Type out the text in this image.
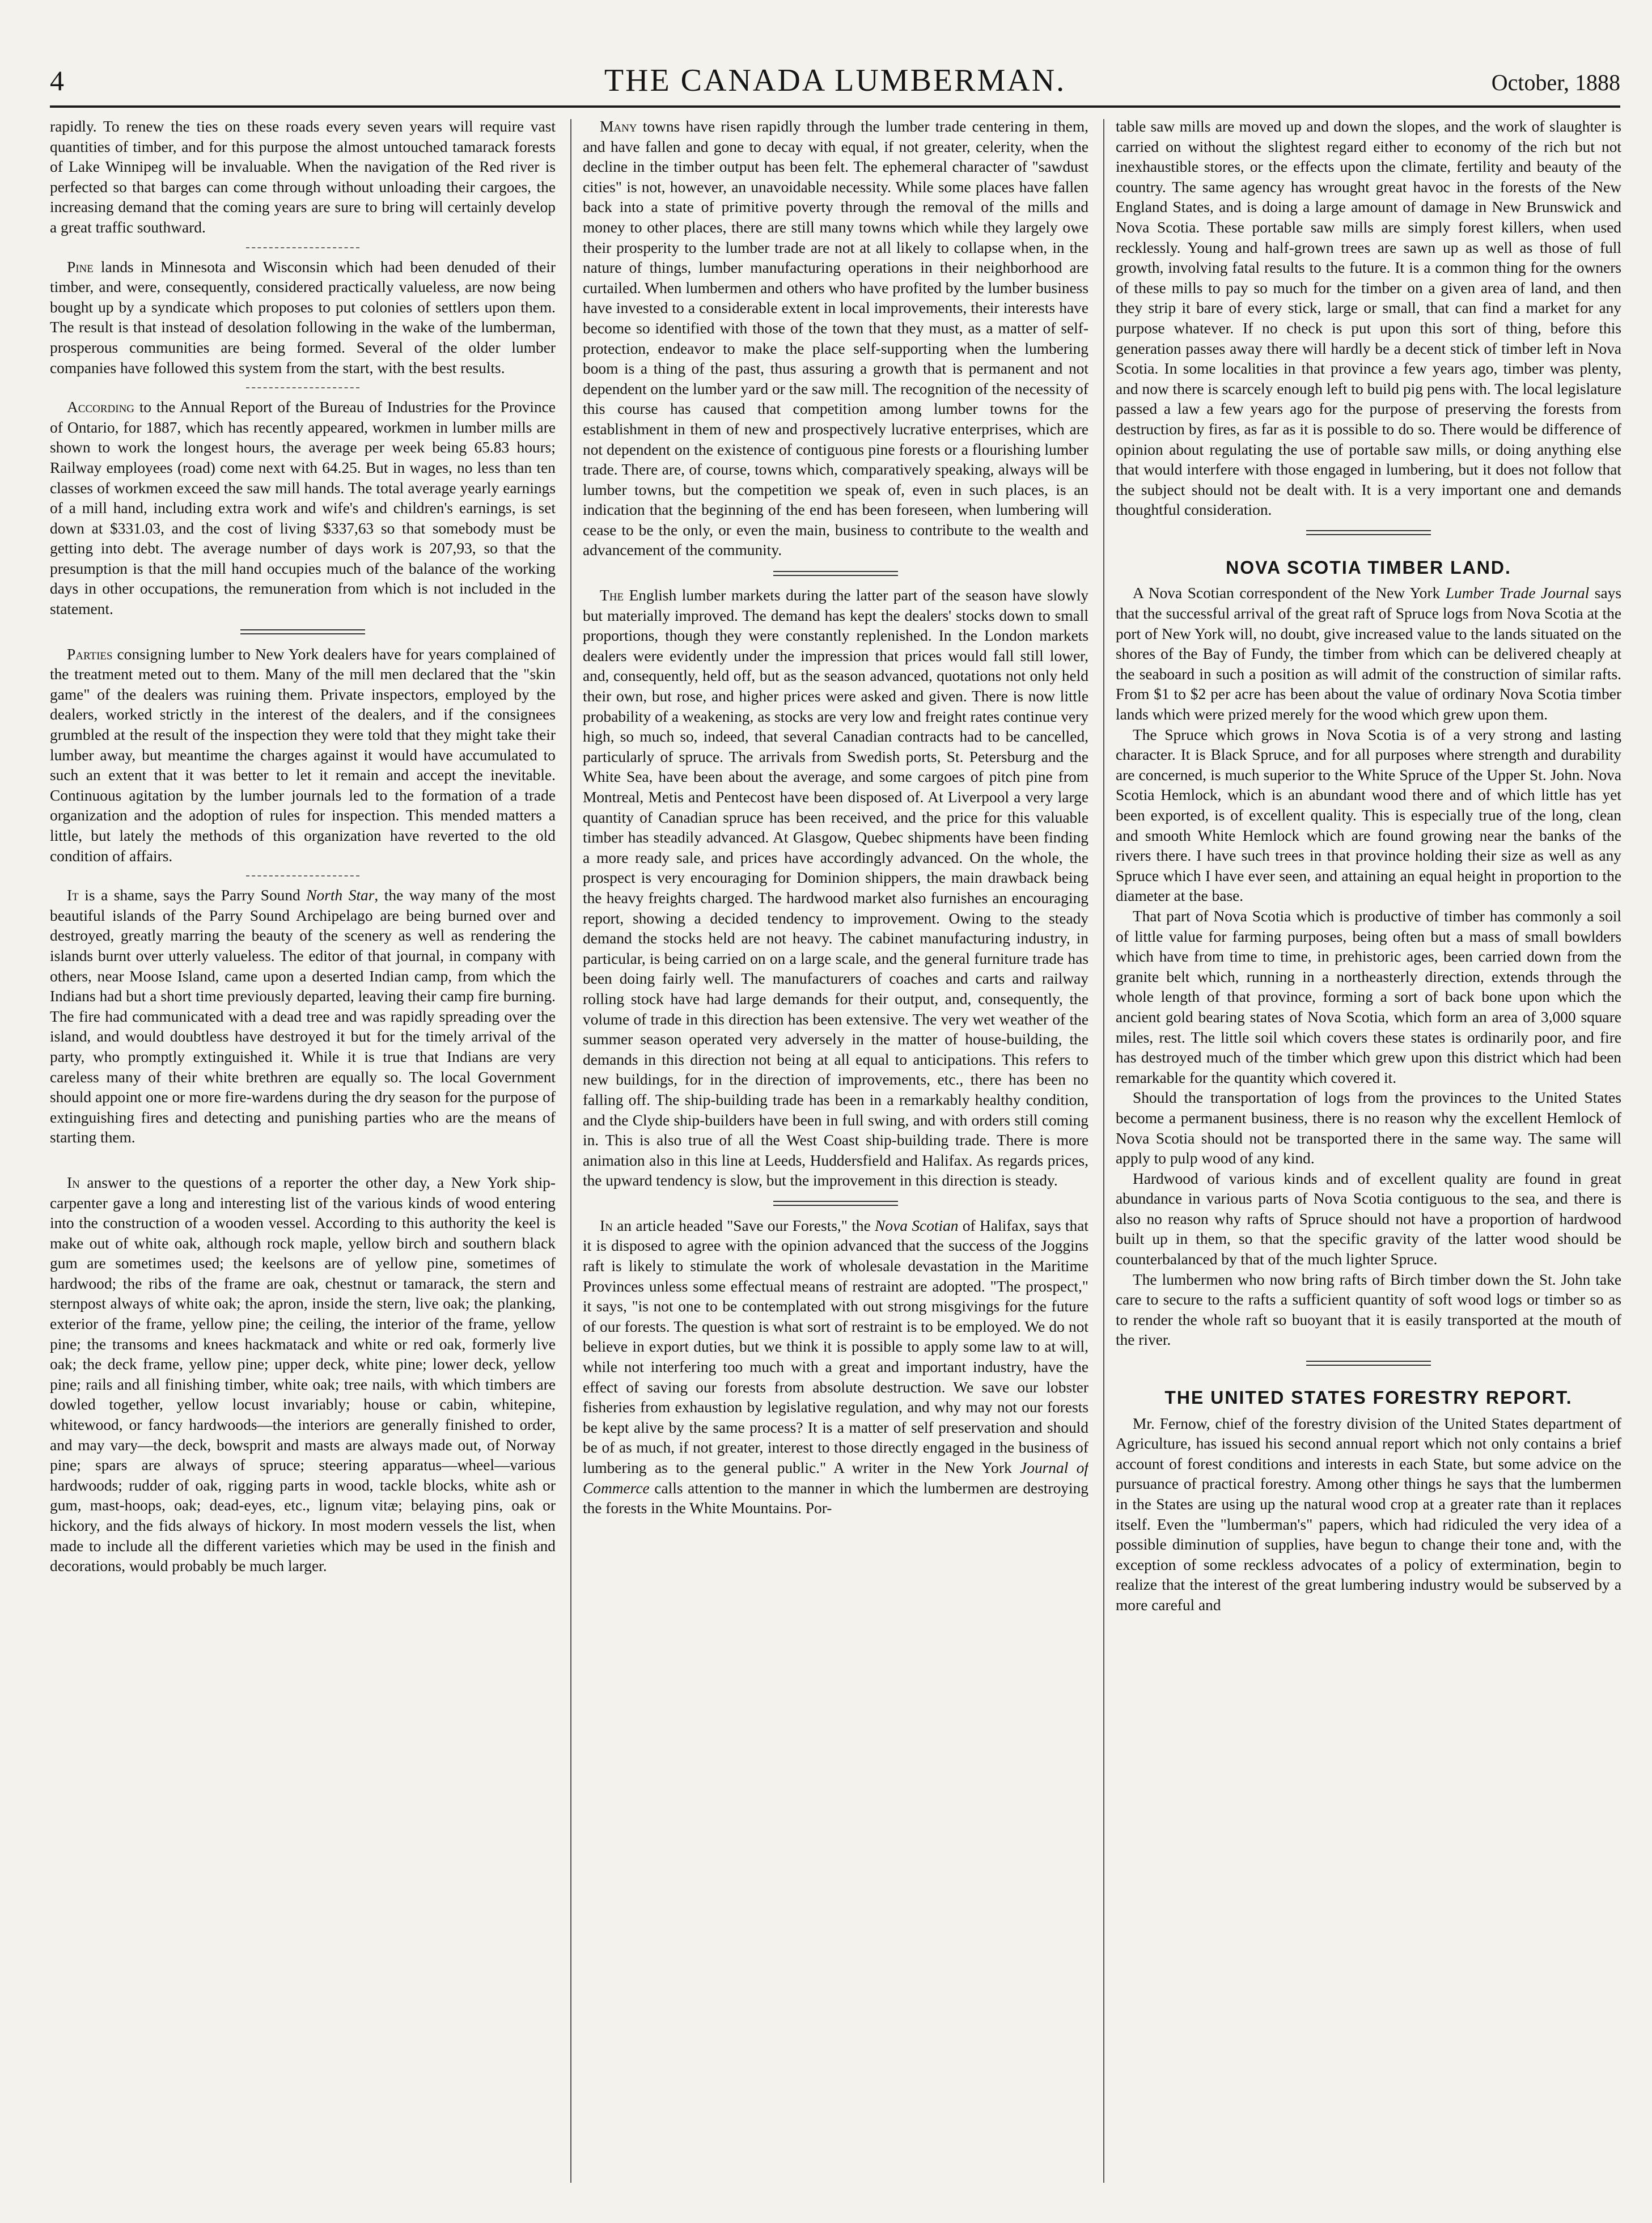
4	THE CANADA LUMBERMAN.	October, 1888

rapidly. To renew the ties on these roads every seven years will require vast quantities of timber, and for this purpose the almost untouched tamarack forests of Lake Winnipeg will be invaluable. When the navigation of the Red river is perfected so that barges can come through without unloading their cargoes, the increasing demand that the coming years are sure to bring will certainly develop a great traffic southward.

Pine lands in Minnesota and Wisconsin which had been denuded of their timber, and were, consequently, considered practically valueless, are now being bought up by a syndicate which proposes to put colonies of settlers upon them. The result is that instead of desolation following in the wake of the lumberman, prosperous communities are being formed. Several of the older lumber companies have followed this system from the start, with the best results.

According to the Annual Report of the Bureau of Industries for the Province of Ontario, for 1887, which has recently appeared, workmen in lumber mills are shown to work the longest hours, the average per week being 65.83 hours; Railway employees (road) come next with 64.25. But in wages, no less than ten classes of workmen exceed the saw mill hands. The total average yearly earnings of a mill hand, including extra work and wife's and children's earnings, is set down at $331.03, and the cost of living $337,63 so that somebody must be getting into debt. The average number of days work is 207,93, so that the presumption is that the mill hand occupies much of the balance of the working days in other occupations, the remuneration from which is not included in the statement.

Parties consigning lumber to New York dealers have for years complained of the treatment meted out to them. Many of the mill men declared that the "skin game" of the dealers was ruining them. Private inspectors, employed by the dealers, worked strictly in the interest of the dealers, and if the consignees grumbled at the result of the inspection they were told that they might take their lumber away, but meantime the charges against it would have accumulated to such an extent that it was better to let it remain and accept the inevitable. Continuous agitation by the lumber journals led to the formation of a trade organization and the adoption of rules for inspection. This mended matters a little, but lately the methods of this organization have reverted to the old condition of affairs.

It is a shame, says the Parry Sound North Star, the way many of the most beautiful islands of the Parry Sound Archipelago are being burned over and destroyed, greatly marring the beauty of the scenery as well as rendering the islands burnt over utterly valueless. The editor of that journal, in company with others, near Moose Island, came upon a deserted Indian camp, from which the Indians had but a short time previously departed, leaving their camp fire burning. The fire had communicated with a dead tree and was rapidly spreading over the island, and would doubtless have destroyed it but for the timely arrival of the party, who promptly extinguished it. While it is true that Indians are very careless many of their white brethren are equally so. The local Government should appoint one or more fire-wardens during the dry season for the purpose of extinguishing fires and detecting and punishing parties who are the means of starting them.

In answer to the questions of a reporter the other day, a New York ship-carpenter gave a long and interesting list of the various kinds of wood entering into the construction of a wooden vessel. According to this authority the keel is make out of white oak, although rock maple, yellow birch and southern black gum are sometimes used; the keelsons are of yellow pine, sometimes of hardwood; the ribs of the frame are oak, chestnut or tamarack, the stern and sternpost always of white oak; the apron, inside the stern, live oak; the planking, exterior of the frame, yellow pine; the ceiling, the interior of the frame, yellow pine; the transoms and knees hackmatack and white or red oak, formerly live oak; the deck frame, yellow pine; upper deck, white pine; lower deck, yellow pine; rails and all finishing timber, white oak; tree nails, with which timbers are dowled together, yellow locust invariably; house or cabin, whitepine, whitewood, or fancy hardwoods—the interiors are generally finished to order, and may vary—the deck, bowsprit and masts are always made out, of Norway pine; spars are always of spruce; steering apparatus—wheel—various hardwoods; rudder of oak, rigging parts in wood, tackle blocks, white ash or gum, mast-hoops, oak; dead-eyes, etc., lignum vitæ; belaying pins, oak or hickory, and the fids always of hickory. In most modern vessels the list, when made to include all the different varieties which may be used in the finish and decorations, would probably be much larger.

Many towns have risen rapidly through the lumber trade centering in them, and have fallen and gone to decay with equal, if not greater, celerity, when the decline in the timber output has been felt. The ephemeral character of "sawdust cities" is not, however, an unavoidable necessity. While some places have fallen back into a state of primitive poverty through the removal of the mills and money to other places, there are still many towns which while they largely owe their prosperity to the lumber trade are not at all likely to collapse when, in the nature of things, lumber manufacturing operations in their neighborhood are curtailed. When lumbermen and others who have profited by the lumber business have invested to a considerable extent in local improvements, their interests have become so identified with those of the town that they must, as a matter of self-protection, endeavor to make the place self-supporting when the lumbering boom is a thing of the past, thus assuring a growth that is permanent and not dependent on the lumber yard or the saw mill. The recognition of the necessity of this course has caused that competition among lumber towns for the establishment in them of new and prospectively lucrative enterprises, which are not dependent on the existence of contiguous pine forests or a flourishing lumber trade. There are, of course, towns which, comparatively speaking, always will be lumber towns, but the competition we speak of, even in such places, is an indication that the beginning of the end has been foreseen, when lumbering will cease to be the only, or even the main, business to contribute to the wealth and advancement of the community.

The English lumber markets during the latter part of the season have slowly but materially improved. The demand has kept the dealers' stocks down to small proportions, though they were constantly replenished. In the London markets dealers were evidently under the impression that prices would fall still lower, and, consequently, held off, but as the season advanced, quotations not only held their own, but rose, and higher prices were asked and given. There is now little probability of a weakening, as stocks are very low and freight rates continue very high, so much so, indeed, that several Canadian contracts had to be cancelled, particularly of spruce. The arrivals from Swedish ports, St. Petersburg and the White Sea, have been about the average, and some cargoes of pitch pine from Montreal, Metis and Pentecost have been disposed of. At Liverpool a very large quantity of Canadian spruce has been received, and the price for this valuable timber has steadily advanced. At Glasgow, Quebec shipments have been finding a more ready sale, and prices have accordingly advanced. On the whole, the prospect is very encouraging for Dominion shippers, the main drawback being the heavy freights charged. The hardwood market also furnishes an encouraging report, showing a decided tendency to improvement. Owing to the steady demand the stocks held are not heavy. The cabinet manufacturing industry, in particular, is being carried on on a large scale, and the general furniture trade has been doing fairly well. The manufacturers of coaches and carts and railway rolling stock have had large demands for their output, and, consequently, the volume of trade in this direction has been extensive. The very wet weather of the summer season operated very adversely in the matter of house-building, the demands in this direction not being at all equal to anticipations. This refers to new buildings, for in the direction of improvements, etc., there has been no falling off. The ship-building trade has been in a remarkably healthy condition, and the Clyde ship-builders have been in full swing, and with orders still coming in. This is also true of all the West Coast ship-building trade. There is more animation also in this line at Leeds, Huddersfield and Halifax. As regards prices, the upward tendency is slow, but the improvement in this direction is steady.

In an article headed "Save our Forests," the Nova Scotian of Halifax, says that it is disposed to agree with the opinion advanced that the success of the Joggins raft is likely to stimulate the work of wholesale devastation in the Maritime Provinces unless some effectual means of restraint are adopted. "The prospect," it says, "is not one to be contemplated with out strong misgivings for the future of our forests. The question is what sort of restraint is to be employed. We do not believe in export duties, but we think it is possible to apply some law to at will, while not interfering too much with a great and important industry, have the effect of saving our forests from absolute destruction. We save our lobster fisheries from exhaustion by legislative regulation, and why may not our forests be kept alive by the same process? It is a matter of self preservation and should be of as much, if not greater, interest to those directly engaged in the business of lumbering as to the general public." A writer in the New York Journal of Commerce calls attention to the manner in which the lumbermen are destroying the forests in the White Mountains. Por-

table saw mills are moved up and down the slopes, and the work of slaughter is carried on without the slightest regard either to economy of the rich but not inexhaustible stores, or the effects upon the climate, fertility and beauty of the country. The same agency has wrought great havoc in the forests of the New England States, and is doing a large amount of damage in New Brunswick and Nova Scotia. These portable saw mills are simply forest killers, when used recklessly. Young and half-grown trees are sawn up as well as those of full growth, involving fatal results to the future. It is a common thing for the owners of these mills to pay so much for the timber on a given area of land, and then they strip it bare of every stick, large or small, that can find a market for any purpose whatever. If no check is put upon this sort of thing, before this generation passes away there will hardly be a decent stick of timber left in Nova Scotia. In some localities in that province a few years ago, timber was plenty, and now there is scarcely enough left to build pig pens with. The local legislature passed a law a few years ago for the purpose of preserving the forests from destruction by fires, as far as it is possible to do so. There would be difference of opinion about regulating the use of portable saw mills, or doing anything else that would interfere with those engaged in lumbering, but it does not follow that the subject should not be dealt with. It is a very important one and demands thoughtful consideration.

NOVA SCOTIA TIMBER LAND.

A Nova Scotian correspondent of the New York Lumber Trade Journal says that the successful arrival of the great raft of Spruce logs from Nova Scotia at the port of New York will, no doubt, give increased value to the lands situated on the shores of the Bay of Fundy, the timber from which can be delivered cheaply at the seaboard in such a position as will admit of the construction of similar rafts. From $1 to $2 per acre has been about the value of ordinary Nova Scotia timber lands which were prized merely for the wood which grew upon them.

The Spruce which grows in Nova Scotia is of a very strong and lasting character. It is Black Spruce, and for all purposes where strength and durability are concerned, is much superior to the White Spruce of the Upper St. John. Nova Scotia Hemlock, which is an abundant wood there and of which little has yet been exported, is of excellent quality. This is especially true of the long, clean and smooth White Hemlock which are found growing near the banks of the rivers there. I have such trees in that province holding their size as well as any Spruce which I have ever seen, and attaining an equal height in proportion to the diameter at the base.

That part of Nova Scotia which is productive of timber has commonly a soil of little value for farming purposes, being often but a mass of small bowlders which have from time to time, in prehistoric ages, been carried down from the granite belt which, running in a northeasterly direction, extends through the whole length of that province, forming a sort of back bone upon which the ancient gold bearing states of Nova Scotia, which form an area of 3,000 square miles, rest. The little soil which covers these states is ordinarily poor, and fire has destroyed much of the timber which grew upon this district which had been remarkable for the quantity which covered it.

Should the transportation of logs from the provinces to the United States become a permanent business, there is no reason why the excellent Hemlock of Nova Scotia should not be transported there in the same way. The same will apply to pulp wood of any kind.

Hardwood of various kinds and of excellent quality are found in great abundance in various parts of Nova Scotia contiguous to the sea, and there is also no reason why rafts of Spruce should not have a proportion of hardwood built up in them, so that the specific gravity of the latter wood should be counterbalanced by that of the much lighter Spruce.

The lumbermen who now bring rafts of Birch timber down the St. John take care to secure to the rafts a sufficient quantity of soft wood logs or timber so as to render the whole raft so buoyant that it is easily transported at the mouth of the river.

THE UNITED STATES FORESTRY REPORT.

Mr. Fernow, chief of the forestry division of the United States department of Agriculture, has issued his second annual report which not only contains a brief account of forest conditions and interests in each State, but some advice on the pursuance of practical forestry. Among other things he says that the lumbermen in the States are using up the natural wood crop at a greater rate than it replaces itself. Even the "lumberman's" papers, which had ridiculed the very idea of a possible diminution of supplies, have begun to change their tone and, with the exception of some reckless advocates of a policy of extermination, begin to realize that the interest of the great lumbering industry would be subserved by a more careful and
